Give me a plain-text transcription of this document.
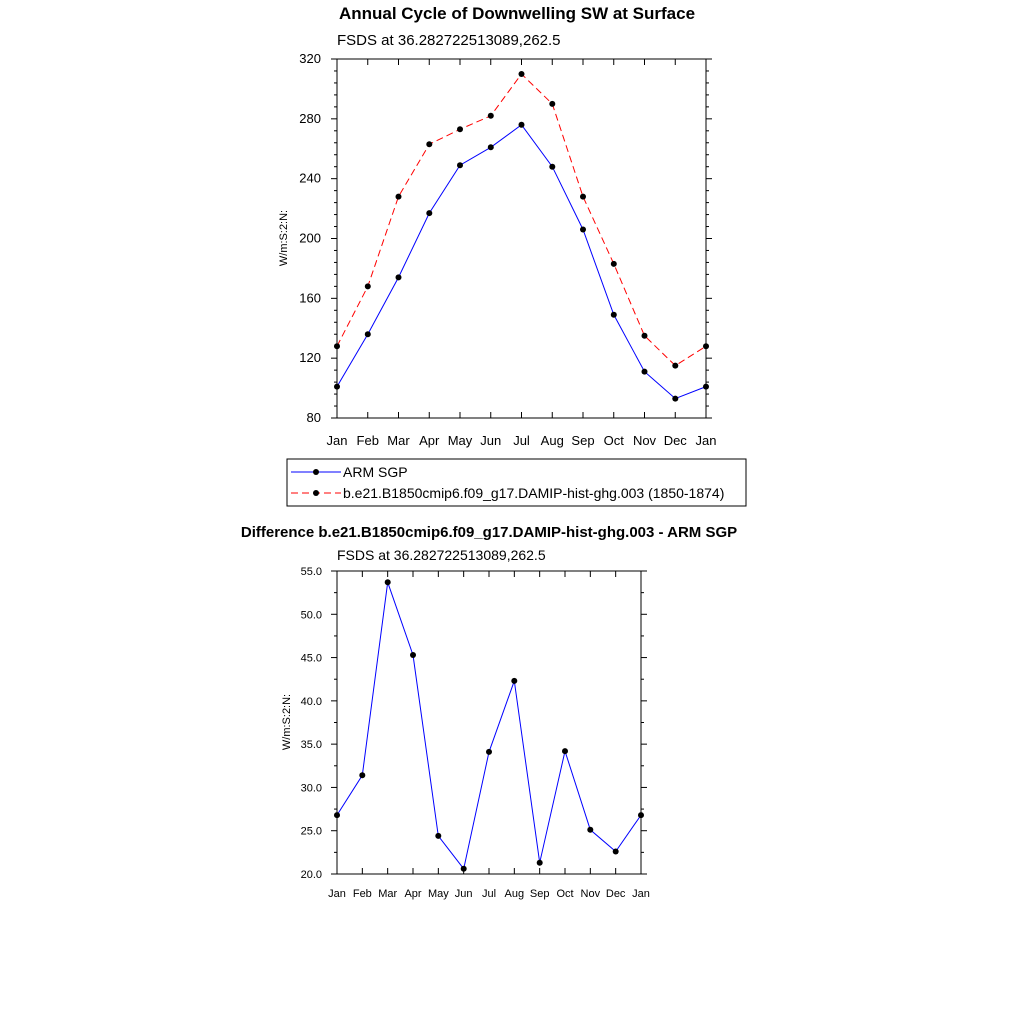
Annual Cycle of Downwelling SW at Surface
FSDS at 36.282722513089,262.5
W/m:S:2:N:
Jan Feb Mar Apr May Jun Jul Aug Sep Oct Nov Dec Jan
80
120
160
200
240
280
320
ARM SGP
b.e21.B1850cmip6.f09_g17.DAMIP-hist-ghg.003 (1850-1874)
Difference b.e21.B1850cmip6.f09_g17.DAMIP-hist-ghg.003 - ARM SGP
FSDS at 36.282722513089,262.5
W/m:S:2:N:
Jan Feb Mar Apr May Jun Jul Aug Sep Oct Nov Dec Jan
20.0
25.0
30.0
35.0
40.0
45.0
50.0
55.0
